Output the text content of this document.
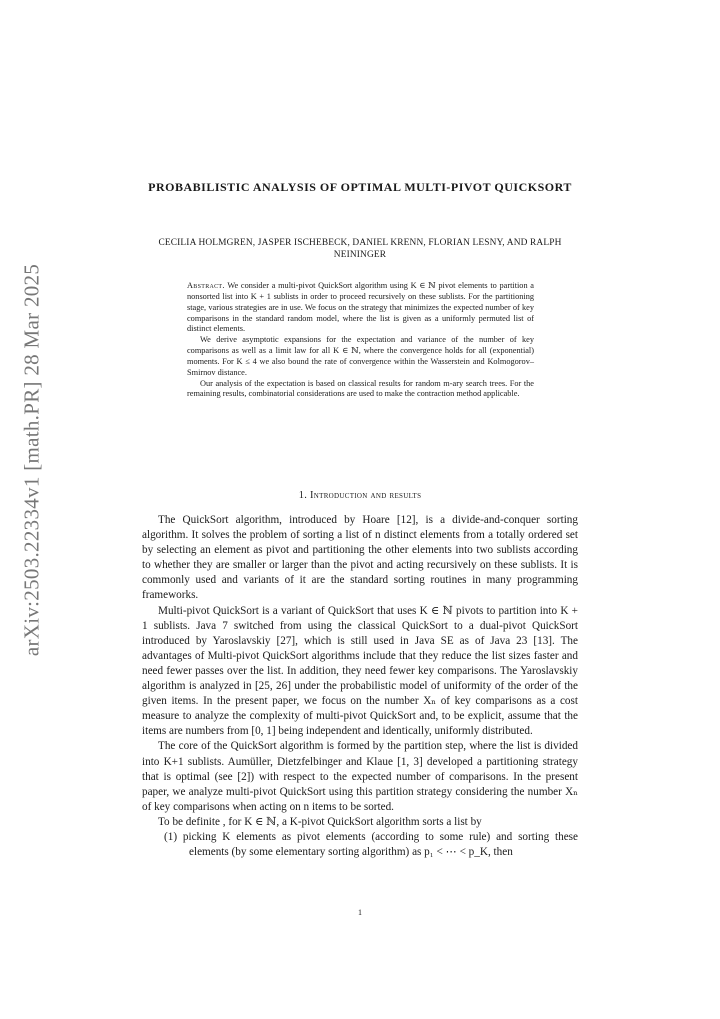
arXiv:2503.22334v1 [math.PR] 28 Mar 2025
PROBABILISTIC ANALYSIS OF OPTIMAL MULTI-PIVOT QUICKSORT
CECILIA HOLMGREN, JASPER ISCHEBECK, DANIEL KRENN, FLORIAN LESNY, AND RALPH NEININGER

Abstract. We consider a multi-pivot QuickSort algorithm using K ∈ ℕ pivot elements to partition a nonsorted list into K + 1 sublists in order to proceed recursively on these sublists. For the partitioning stage, various strategies are in use. We focus on the strategy that minimizes the expected number of key comparisons in the standard random model, where the list is given as a uniformly permuted list of distinct elements.

We derive asymptotic expansions for the expectation and variance of the number of key comparisons as well as a limit law for all K ∈ ℕ, where the convergence holds for all (exponential) moments. For K ≤ 4 we also bound the rate of convergence within the Wasserstein and Kolmogorov–Smirnov distance.

Our analysis of the expectation is based on classical results for random m-ary search trees. For the remaining results, combinatorial considerations are used to make the contraction method applicable.

1. Introduction and results

The QuickSort algorithm, introduced by Hoare [12], is a divide-and-conquer sorting algorithm. It solves the problem of sorting a list of n distinct elements from a totally ordered set by selecting an element as pivot and partitioning the other elements into two sublists according to whether they are smaller or larger than the pivot and acting recursively on these sublists. It is commonly used and variants of it are the standard sorting routines in many programming frameworks.

Multi-pivot QuickSort is a variant of QuickSort that uses K ∈ ℕ pivots to partition into K + 1 sublists. Java 7 switched from using the classical QuickSort to a dual-pivot QuickSort introduced by Yaroslavskiy [27], which is still used in Java SE as of Java 23 [13]. The advantages of Multi-pivot QuickSort algorithms include that they reduce the list sizes faster and need fewer passes over the list. In addition, they need fewer key comparisons. The Yaroslavskiy algorithm is analyzed in [25, 26] under the probabilistic model of uniformity of the order of the given items. In the present paper, we focus on the number Xₙ of key comparisons as a cost measure to analyze the complexity of multi-pivot QuickSort and, to be explicit, assume that the items are numbers from [0, 1] being independent and identically, uniformly distributed.

The core of the QuickSort algorithm is formed by the partition step, where the list is divided into K+1 sublists. Aumüller, Dietzfelbinger and Klaue [1, 3] developed a partitioning strategy that is optimal (see [2]) with respect to the expected number of comparisons. In the present paper, we analyze multi-pivot QuickSort using this partition strategy considering the number Xₙ of key comparisons when acting on n items to be sorted.

To be definite , for K ∈ ℕ, a K-pivot QuickSort algorithm sorts a list by

(1) picking K elements as pivot elements (according to some rule) and sorting these elements (by some elementary sorting algorithm) as p₁ < ⋯ < p_K, then
1
